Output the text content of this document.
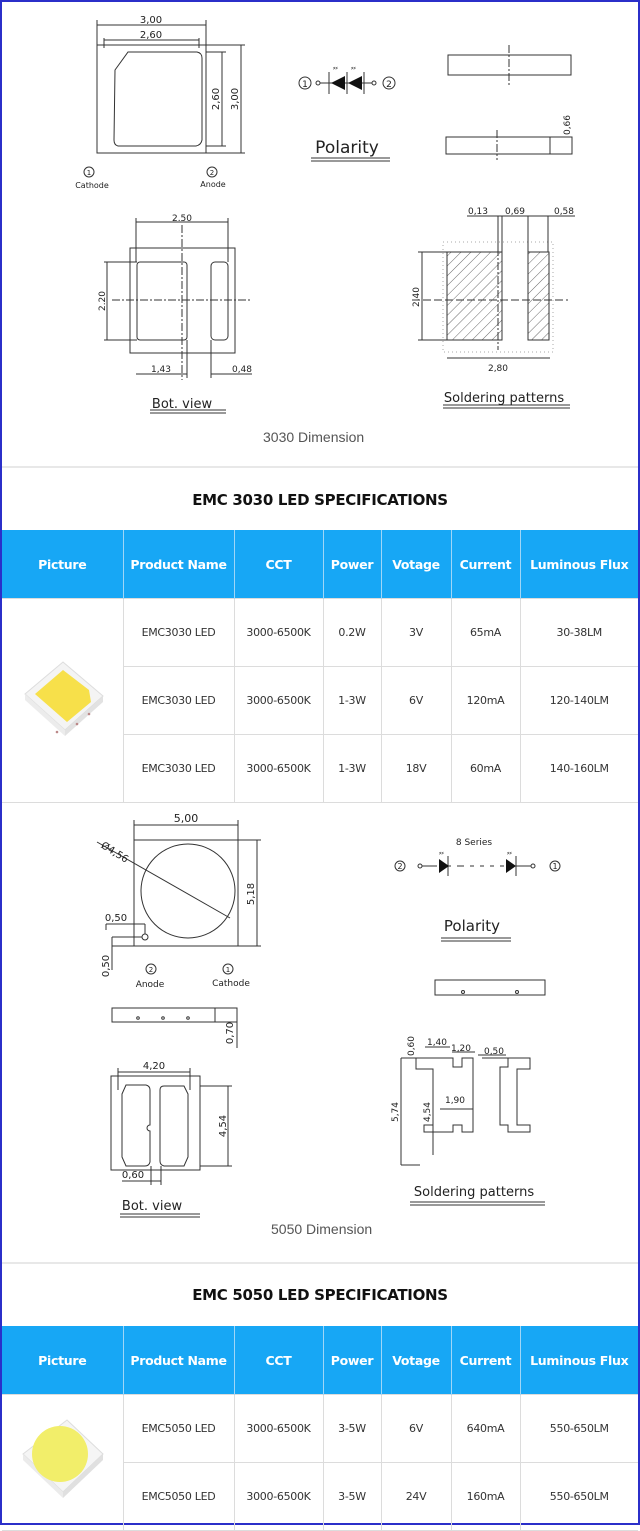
⸗⸗ ⸗⸗
3,00
2,60
2,60 3,00
1
Cathode
2
Anode
1	2
Polarity
0,66
2.50
2.20
1,43	0,48
Bot. view
0,13 0,69	0,58
2,40
2,80
Soldering patterns
3030 Dimension
EMC 3030 LED SPECIFICATIONS
Picture	Product Name	CCT	Power	Votage	Current	Luminous Flux
	EMC3030 LED	3000-6500K	0.2W	3V	65mA	30-38LM
	EMC3030 LED	3000-6500K	1-3W	6V	120mA	120-140LM
	EMC3030 LED	3000-6500K	1-3W	18V	60mA	140-160LM
⸗⸗	⸗⸗
5,00
Ø4,56
5,18
0,50
0,50	2
Anode
1
Cathode
8 Series
2	1
Polarity
0,70
4,20
4,54
0,60
Bot. view
0,60 1,40
1,20 0,50
1,90
5,74 4,54
Soldering patterns
5050 Dimension
EMC 5050 LED SPECIFICATIONS
Picture	Product Name	CCT	Power	Votage	Current	Luminous Flux
	EMC5050 LED	3000-6500K	3-5W	6V	640mA	550-650LM
	EMC5050 LED	3000-6500K	3-5W	24V	160mA	550-650LM
